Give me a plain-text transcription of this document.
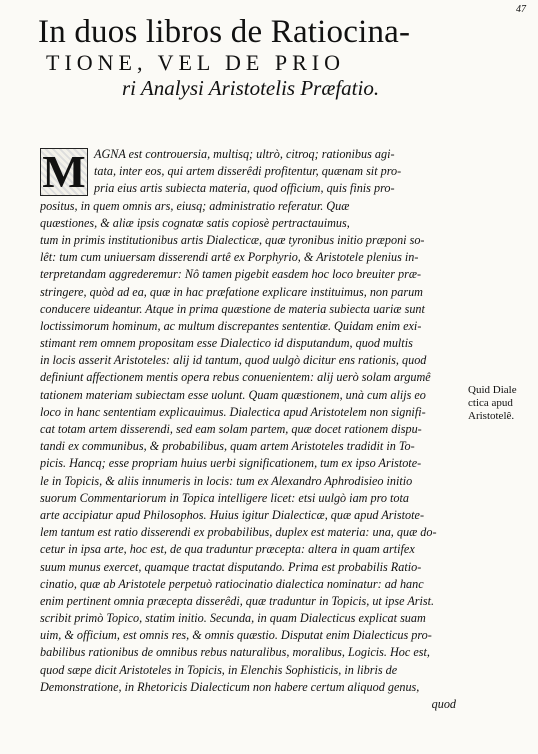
47
In duos libros de Ratiocina-
TIONE, VEL DE PRIO
ri Analysi Aristotelis Præfatio.
M AGNA est controuersia, multisq; ultrò, citroq; rationibus agi-
tata, inter eos, qui artem disserêdi profitentur, quænam sit pro-
pria eius artis subiecta materia, quod officium, quis finis pro-
positus, in quem omnis ars, eiusq; administratio referatur. Quæ
quæstiones, & aliæ ipsis cognatæ satis copiosè pertractauimus,
tum in primis institutionibus artis Dialecticæ, quæ tyronibus initio præponi so-
lêt: tum cum uniuersam disserendi artê ex Porphyrio, & Aristotele plenius in-
terpretandam aggrederemur: Nô tamen pigebit easdem hoc loco breuiter præ-
stringere, quòd ad ea, quæ in hac præfatione explicare instituimus, non parum
conducere uideantur. Atque in prima quæstione de materia subiecta uariæ sunt
loctissimorum hominum, ac multum discrepantes sententiæ. Quidam enim exi-
stimant rem omnem propositam esse Dialectico id disputandum, quod multis
in locis asserit Aristoteles: alij id tantum, quod uulgò dicitur ens rationis, quod
definiunt affectionem mentis opera rebus conuenientem: alij uerò solam argumê
tationem materiam subiectam esse uolunt. Quam quæstionem, unà cum alijs eo
loco in hanc sententiam explicauimus. Dialectica apud Aristotelem non signifi-
cat totam artem disserendi, sed eam solam partem, quæ docet rationem dispu-
tandi ex communibus, & probabilibus, quam artem Aristoteles tradidit in To-
picis. Hancq; esse propriam huius uerbi significationem, tum ex ipso Aristote-
le in Topicis, & aliis innumeris in locis: tum ex Alexandro Aphrodisieo initio
suorum Commentariorum in Topica intelligere licet: etsi uulgò iam pro tota
arte accipiatur apud Philosophos. Huius igitur Dialecticæ, quæ apud Aristote-
lem tantum est ratio disserendi ex probabilibus, duplex est materia: una, quæ do-
cetur in ipsa arte, hoc est, de qua traduntur præcepta: altera in quam artifex
suum munus exercet, quamque tractat disputando. Prima est probabilis Ratio-
cinatio, quæ ab Aristotele perpetuò ratiocinatio dialectica nominatur: ad hanc
enim pertinent omnia præcepta disserêdi, quæ traduntur in Topicis, ut ipse Arist.
scribit primò Topico, statim initio. Secunda, in quam Dialecticus explicat suam
uim, & officium, est omnis res, & omnis quæstio. Disputat enim Dialecticus pro-
babilibus rationibus de omnibus rebus naturalibus, moralibus, Logicis. Hoc est,
quod sæpe dicit Aristoteles in Topicis, in Elenchis Sophisticis, in libris de
Demonstratione, in Rhetoricis Dialecticum non habere certum aliquod genus,
quod
Quid Diale
ctica apud
Aristotelê.
